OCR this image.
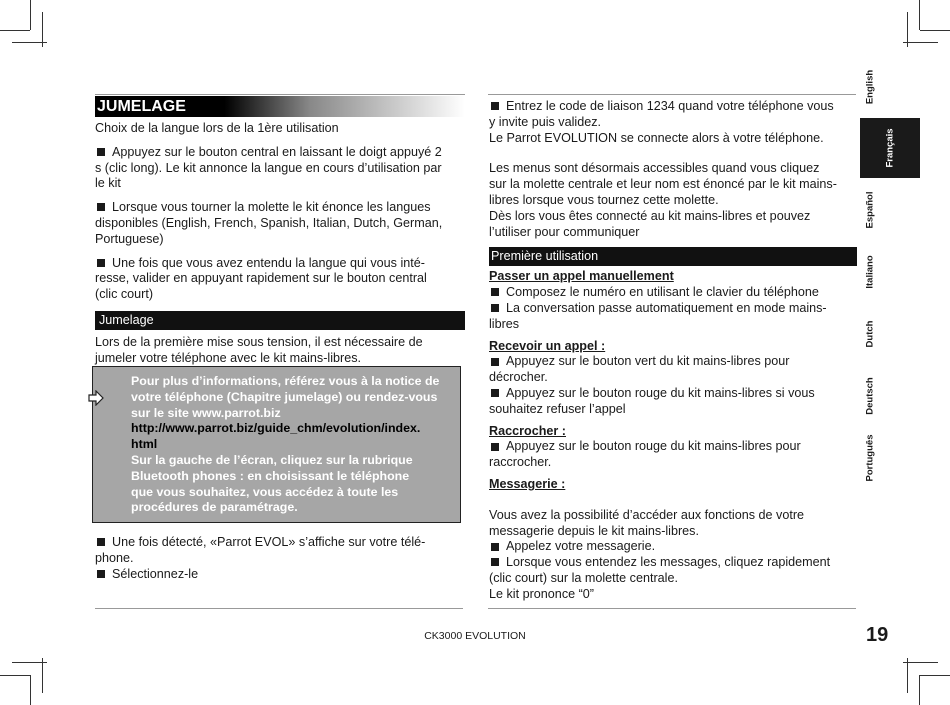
JUMELAGE

Choix de la langue lors de la 1ère utilisation

Appuyez sur le bouton central en laissant le doigt appuyé 2
s (clic long). Le kit annonce la langue en cours d’utilisation par
le kit

Lorsque vous tourner la molette le kit énonce les langues
disponibles (English, French, Spanish, Italian, Dutch, German,
Portuguese)

Une fois que vous avez entendu la langue qui vous inté-
resse, valider en appuyant rapidement sur le bouton central
(clic court)

Jumelage

Lors de la première mise sous tension, il est nécessaire de
jumeler votre téléphone avec le kit mains-libres.

Pour plus d’informations, référez vous à la notice de
votre téléphone (Chapitre jumelage) ou rendez-vous
sur le site www.parrot.biz
http://www.parrot.biz/guide_chm/evolution/index.
html
Sur la gauche de l’écran, cliquez sur la rubrique
Bluetooth phones : en choisissant le téléphone
que vous souhaitez, vous accédez à toute les
procédures de paramétrage.

Une fois détecté, «Parrot EVOL» s’affiche sur votre télé-
phone.

Sélectionnez-le

Entrez le code de liaison 1234 quand votre téléphone vous
y invite puis validez.

Le Parrot EVOLUTION se connecte alors à votre téléphone.

Les menus sont désormais accessibles quand vous cliquez
sur la molette centrale et leur nom est énoncé par le kit mains-
libres lorsque vous tournez cette molette.
Dès lors vous êtes connecté au kit mains-libres et pouvez
l’utiliser pour communiquer

Première utilisation

Passer un appel manuellement

Composez le numéro en utilisant le clavier du téléphone

La conversation passe automatiquement en mode mains-
libres

Recevoir un appel :

Appuyez sur le bouton vert du kit mains-libres pour
décrocher.

Appuyez sur le bouton rouge du kit mains-libres si vous
souhaitez refuser l’appel

Raccrocher :

Appuyez sur le bouton rouge du kit mains-libres pour
raccrocher.

Messagerie :

Vous avez la possibilité d’accéder aux fonctions de votre
messagerie depuis le kit mains-libres.

Appelez votre messagerie.

Lorsque vous entendez les messages, cliquez rapidement
(clic court) sur la molette centrale.

Le kit prononce “0”

English
Français
Español
Italiano
Dutch
Deutsch
Português
CK3000 EVOLUTION	19
